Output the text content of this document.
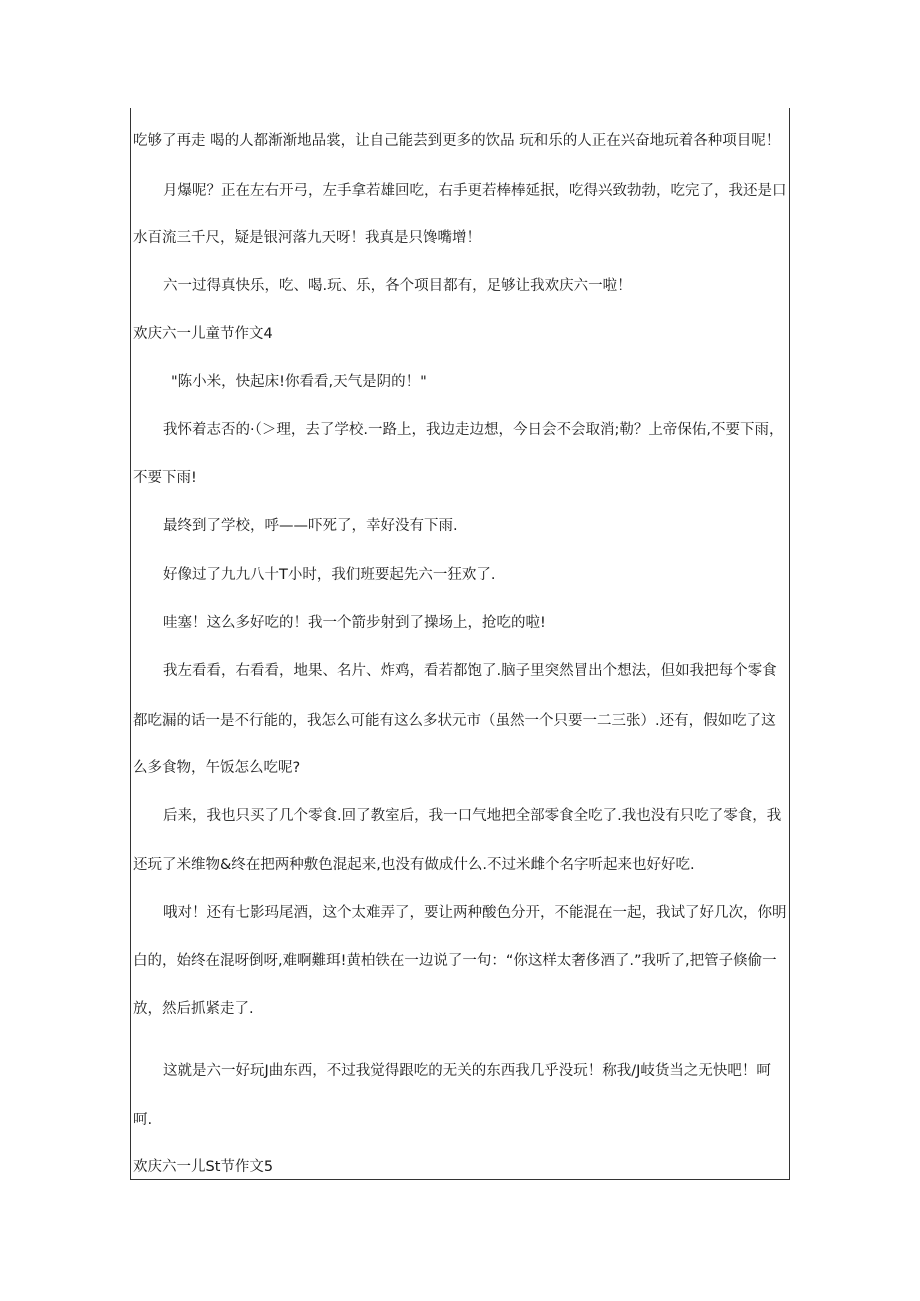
吃够了再走 喝的人都渐渐地品裳，让自己能芸到更多的饮品 玩和乐的人正在兴奋地玩着各种项目呢！
月爆呢？正在左右开弓，左手拿若雄回吃，右手更若棒棒延抿，吃得兴致勃勃，吃完了，我还是口
水百流三千尺，疑是银河落九天呀！我真是只馋嘴增！
六一过得真快乐，吃、喝.玩、乐，各个项目都有，足够让我欢庆六一啦！
欢庆六一儿童节作文4
"陈小米，快起床!你看看,天气是阴的！"
我怀着志否的·（＞理，去了学校.一路上，我边走边想，今日会不会取消;勒？上帝保佑,不要下雨，
不要下雨!
最终到了学校，呼——吓死了，幸好没有下雨.
好像过了九九八十T小时，我们班要起先六一狂欢了.
哇塞！这么多好吃的！我一个箭步射到了操场上，抢吃的啦!
我左看看，右看看，地果、名片、炸鸡，看若都饱了.脑子里突然冒出个想法，但如我把每个零食
都吃漏的话一是不行能的，我怎么可能有这么多状元市（虽然一个只要一二三张）.还有，假如吃了这
么多食物，午饭怎么吃呢?
后来，我也只买了几个零食.回了教室后，我一口气地把全部零食全吃了.我也没有只吃了零食，我
还玩了米维物&终在把两种敷色混起来,也没有做成什么.不过米雌个名字听起来也好好吃.
哦对！还有七影玛尾酒，这个太难弄了，要让两种酸色分开，不能混在一起，我试了好几次，你明
白的，始终在混呀倒呀,难啊難珥!黄柏铁在一边说了一句：“你这样太奢侈酒了.”我听了,把管子倏偷一
放，然后抓紧走了.
这就是六一好玩J曲东西，不过我觉得跟吃的无关的东西我几乎没玩！称我/J岐货当之无快吧！呵
呵.
欢庆六一儿St节作文5
